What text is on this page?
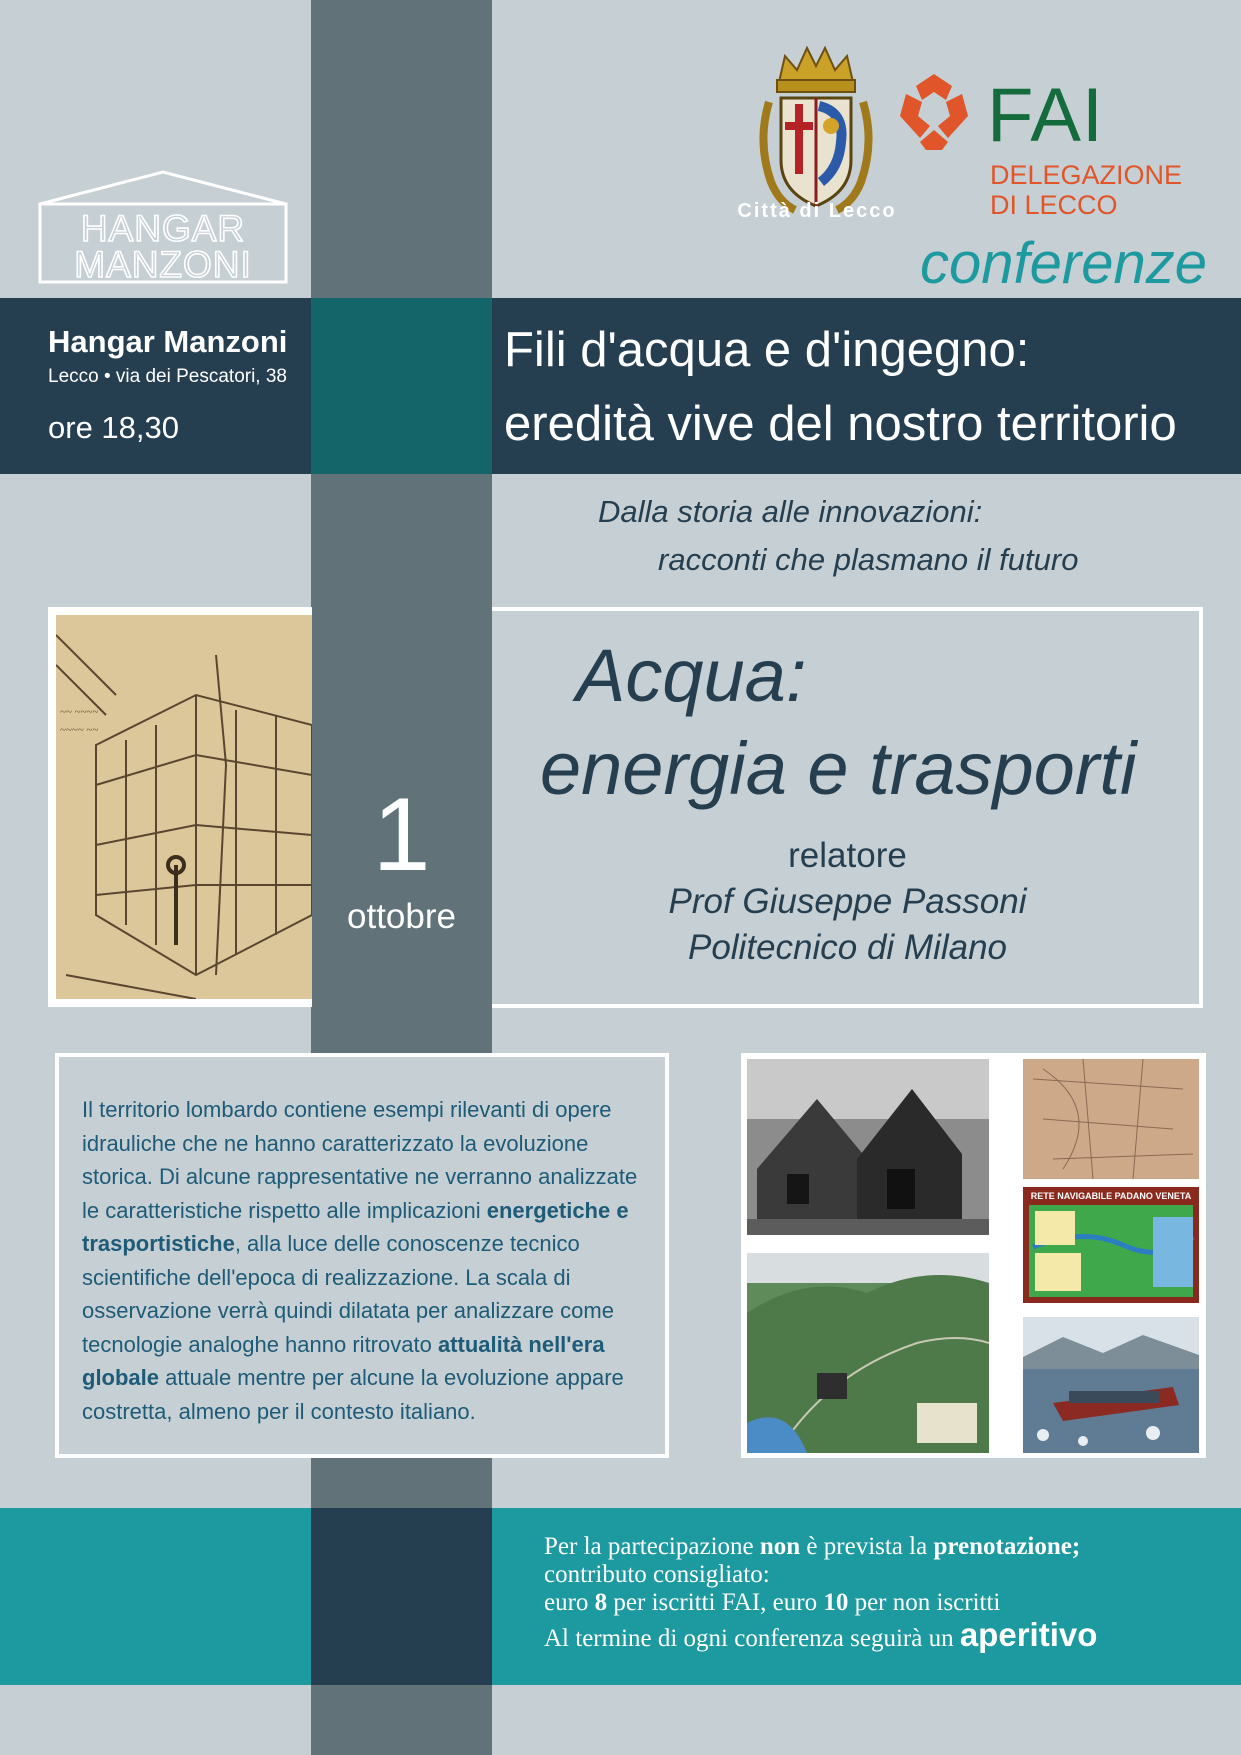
HANGAR
MANZONI
Città di Lecco
FAI
DELEGAZIONE
DI LECCO
conferenze
Hangar Manzoni
Lecco • via dei Pescatori, 38
ore 18,30
Fili d'acqua e d'ingegno:
eredità vive del nostro territorio
Dalla storia alle innovazioni:
racconti che plasmano il futuro
~~ ~~~~
~~~~ ~~
1
ottobre
Acqua:
energia e trasporti
relatore
Prof Giuseppe Passoni
Politecnico di Milano
Il territorio lombardo contiene esempi rilevanti di opere idrauliche che ne hanno caratterizzato la evoluzione storica. Di alcune rappresentative ne verranno analizzate le caratteristiche rispetto alle implicazioni energetiche e trasportistiche, alla luce delle conoscenze tecnico scientifiche dell'epoca di realizzazione. La scala di osservazione verrà quindi dilatata per analizzare come tecnologie analoghe hanno ritrovato attualità nell'era globale attuale mentre per alcune la evoluzione appare costretta, almeno per il contesto italiano.
RETE NAVIGABILE PADANO VENETA
Per la partecipazione non è prevista la prenotazione;
contributo consigliato:
euro 8 per iscritti FAI, euro 10 per non iscritti
Al termine di ogni conferenza seguirà un aperitivo
